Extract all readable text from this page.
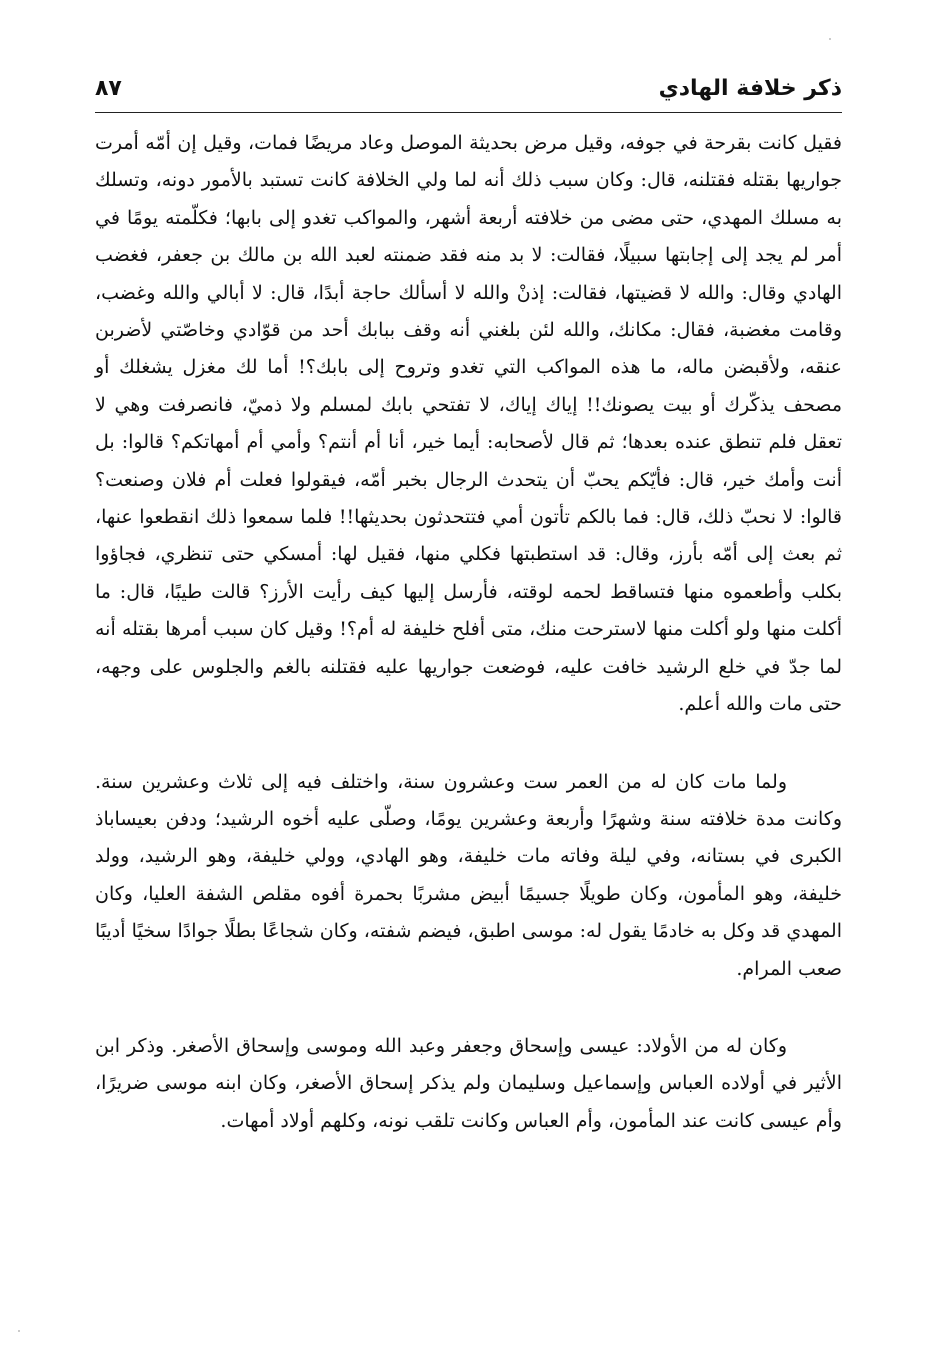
ذكر خلافة الهادي
٨٧

فقيل كانت بقرحة في جوفه، وقيل مرض بحديثة الموصل وعاد مريضًا فمات، وقيل إن أمّه أمرت جواريها بقتله فقتلنه، قال: وكان سبب ذلك أنه لما ولي الخلافة كانت تستبد بالأمور دونه، وتسلك به مسلك المهدي، حتى مضى من خلافته أربعة أشهر، والمواكب تغدو إلى بابها؛ فكلّمته يومًا في أمر لم يجد إلى إجابتها سبيلًا، فقالت: لا بد منه فقد ضمنته لعبد الله بن مالك بن جعفر، فغضب الهادي وقال: والله لا قضيتها، فقالت: إذنْ والله لا أسألك حاجة أبدًا، قال: لا أبالي والله وغضب، وقامت مغضبة، فقال: مكانك، والله لئن بلغني أنه وقف ببابك أحد من قوّادي وخاصّتي لأضربن عنقه، ولأقبضن ماله، ما هذه المواكب التي تغدو وتروح إلى بابك؟! أما لك مغزل يشغلك أو مصحف يذكّرك أو بيت يصونك!! إياك إياك، لا تفتحي بابك لمسلم ولا ذميّ، فانصرفت وهي لا تعقل فلم تنطق عنده بعدها؛ ثم قال لأصحابه: أيما خير، أنا أم أنتم؟ وأمي أم أمهاتكم؟ قالوا: بل أنت وأمك خير، قال: فأيّكم يحبّ أن يتحدث الرجال بخبر أمّه، فيقولوا فعلت أم فلان وصنعت؟ قالوا: لا نحبّ ذلك، قال: فما بالكم تأتون أمي فتتحدثون بحديثها!! فلما سمعوا ذلك انقطعوا عنها، ثم بعث إلى أمّه بأرز، وقال: قد استطبتها فكلي منها، فقيل لها: أمسكي حتى تنظري، فجاؤوا بكلب وأطعموه منها فتساقط لحمه لوقته، فأرسل إليها كيف رأيت الأرز؟ قالت طيبًا، قال: ما أكلت منها ولو أكلت منها لاسترحت منك، متى أفلح خليفة له أم؟! وقيل كان سبب أمرها بقتله أنه لما جدّ في خلع الرشيد خافت عليه، فوضعت جواريها عليه فقتلنه بالغم والجلوس على وجهه، حتى مات والله أعلم.

ولما مات كان له من العمر ست وعشرون سنة، واختلف فيه إلى ثلاث وعشرين سنة. وكانت مدة خلافته سنة وشهرًا وأربعة وعشرين يومًا، وصلّى عليه أخوه الرشيد؛ ودفن بعيساباذ الكبرى في بستانه، وفي ليلة وفاته مات خليفة، وهو الهادي، وولي خليفة، وهو الرشيد، وولد خليفة، وهو المأمون، وكان طويلًا جسيمًا أبيض مشربًا بحمرة أفوه مقلص الشفة العليا، وكان المهدي قد وكل به خادمًا يقول له: موسى اطبق، فيضم شفته، وكان شجاعًا بطلًا جوادًا سخيًا أديبًا صعب المرام.

وكان له من الأولاد: عيسى وإسحاق وجعفر وعبد الله وموسى وإسحاق الأصغر. وذكر ابن الأثير في أولاده العباس وإسماعيل وسليمان ولم يذكر إسحاق الأصغر، وكان ابنه موسى ضريرًا، وأم عيسى كانت عند المأمون، وأم العباس وكانت تلقب نونه، وكلهم أولاد أمهات.
